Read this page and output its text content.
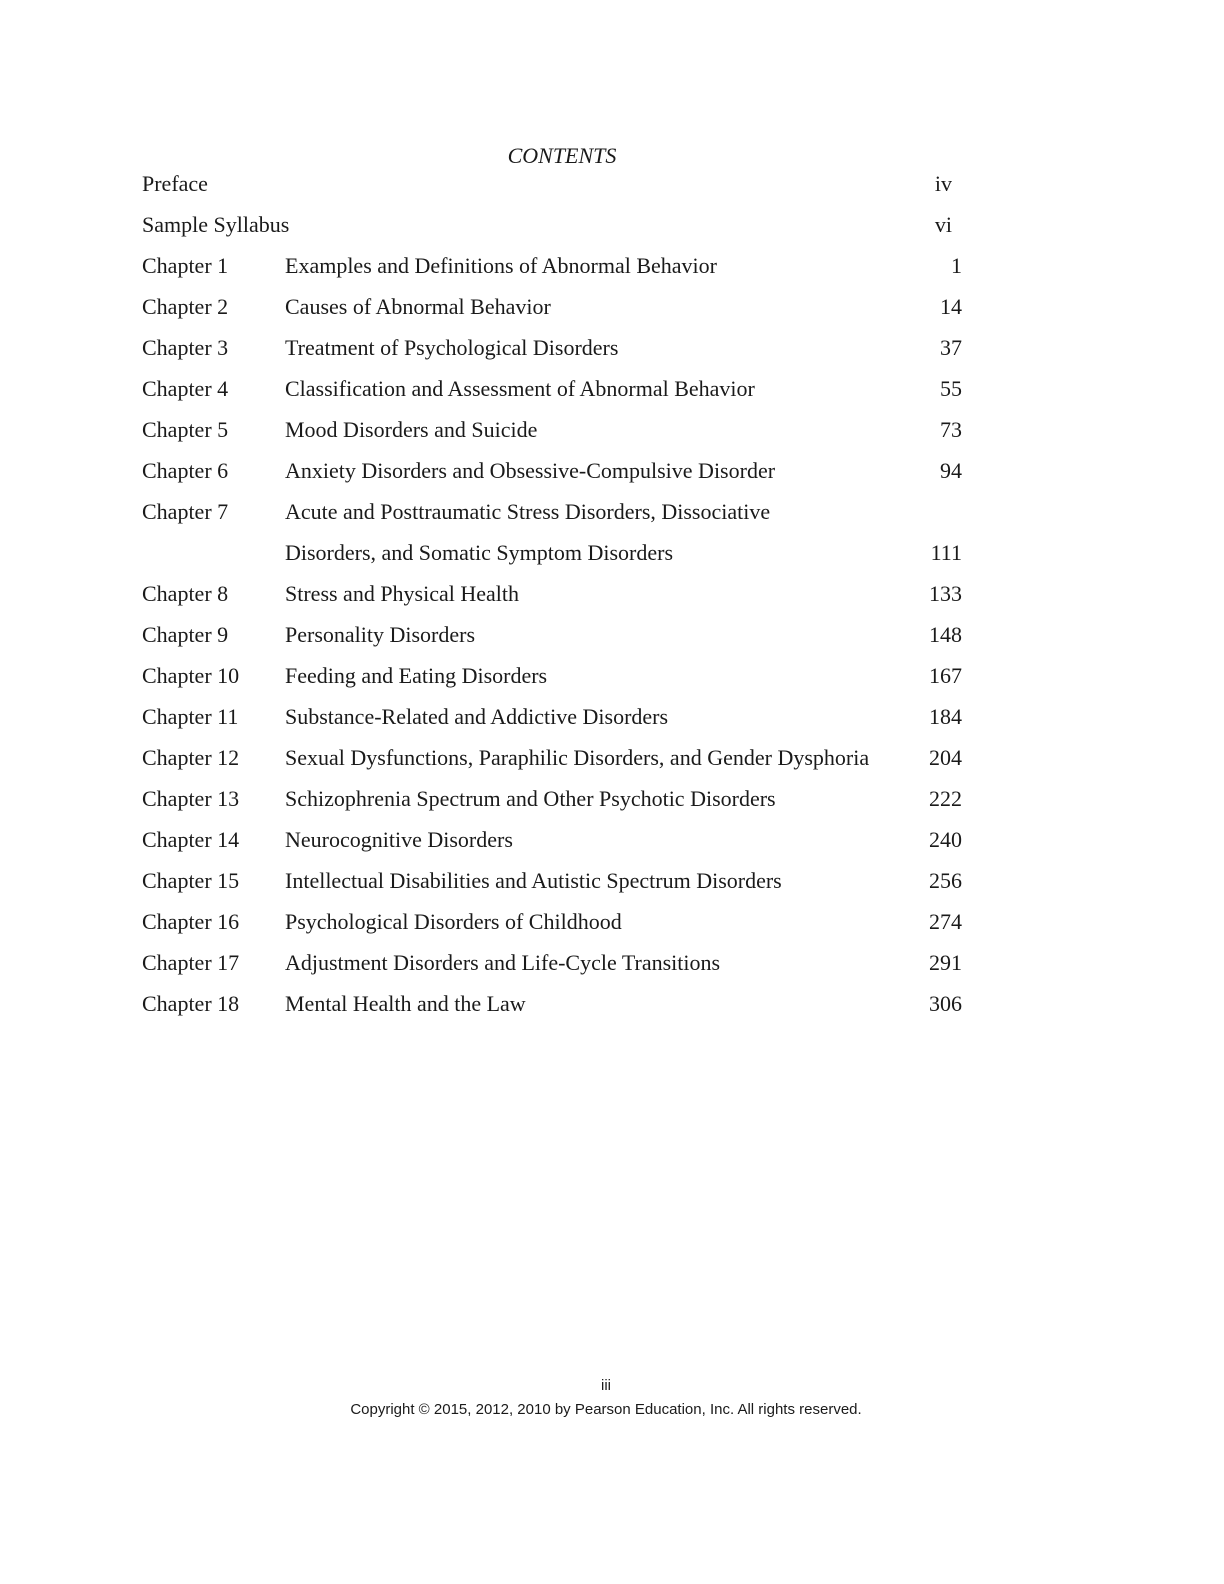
CONTENTS
Preface	iv
Sample Syllabus	vi
Chapter 1	Examples and Definitions of Abnormal Behavior	1
Chapter 2	Causes of Abnormal Behavior	14
Chapter 3	Treatment of Psychological Disorders	37
Chapter 4	Classification and Assessment of Abnormal Behavior	55
Chapter 5	Mood Disorders and Suicide	73
Chapter 6	Anxiety Disorders and Obsessive-Compulsive Disorder	94
Chapter 7	Acute and Posttraumatic Stress Disorders, Dissociative
Disorders, and Somatic Symptom Disorders	111
Chapter 8	Stress and Physical Health	133
Chapter 9	Personality Disorders	148
Chapter 10 Feeding and Eating Disorders	167
Chapter 11 Substance-Related and Addictive Disorders	184
Chapter 12 Sexual Dysfunctions, Paraphilic Disorders, and Gender Dysphoria	204
Chapter 13 Schizophrenia Spectrum and Other Psychotic Disorders	222
Chapter 14 Neurocognitive Disorders	240
Chapter 15 Intellectual Disabilities and Autistic Spectrum Disorders	256
Chapter 16 Psychological Disorders of Childhood	274
Chapter 17 Adjustment Disorders and Life-Cycle Transitions	291
Chapter 18 Mental Health and the Law	306
iii
Copyright © 2015, 2012, 2010 by Pearson Education, Inc. All rights reserved.
